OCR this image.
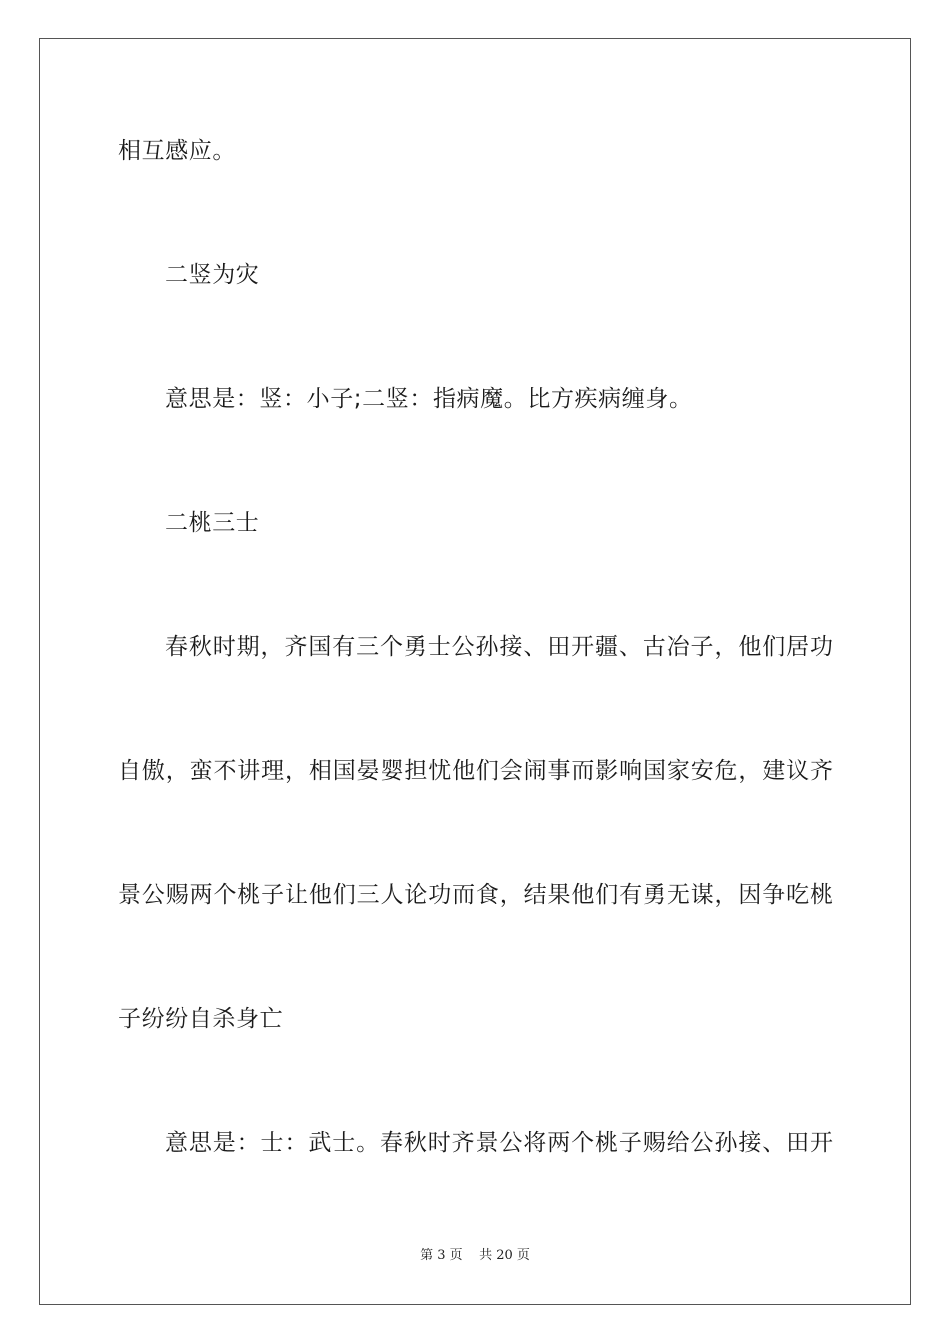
相互感应。
二竖为灾
意思是：竖：小子;二竖：指病魔。比方疾病缠身。
二桃三士
春秋时期，齐国有三个勇士公孙接、田开疆、古冶子，他们居功
自傲，蛮不讲理，相国晏婴担忧他们会闹事而影响国家安危，建议齐
景公赐两个桃子让他们三人论功而食，结果他们有勇无谋，因争吃桃
子纷纷自杀身亡
意思是：士：武士。春秋时齐景公将两个桃子赐给公孙接、田开
第 3 页    共 20 页
